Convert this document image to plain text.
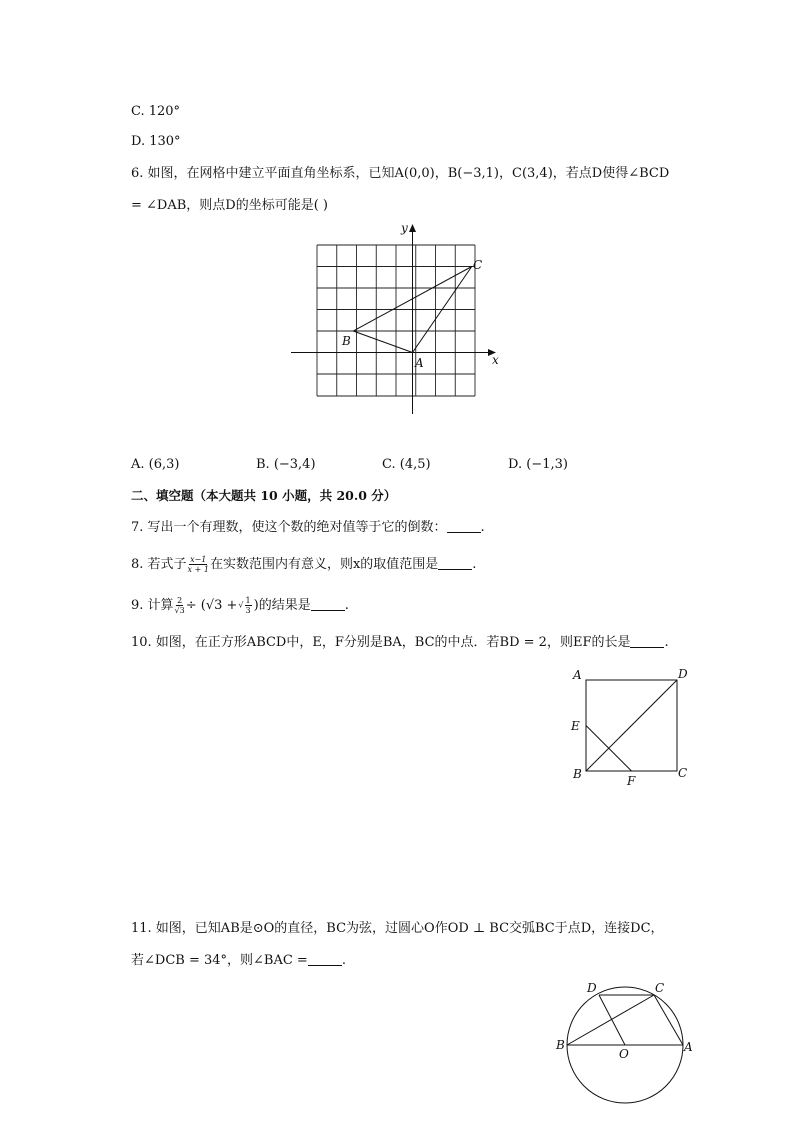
C. 120°
D. 130°
6. 如图，在网格中建立平面直角坐标系，已知A(0,0)，B(−3,1)，C(3,4)，若点D使得∠BCD
= ∠DAB，则点D的坐标可能是( )
x
y
A
B
C
A. (6,3)	B. (−3,4)	C. (4,5)	D. (−1,3)
二、填空题（本大题共 10 小题，共 20.0 分）
7. 写出一个有理数，使这个数的绝对值等于它的倒数：	.
8. 若式子 $\frac{x-1}{x + 1}$ 在实数范围内有意义，则x的取值范围是	.
9. 计算 $\frac{2}{√3} \div (√3$ +√ $\frac{1}{3}$ )的结果是	.
10. 如图，在正方形ABCD中，E，F分别是BA，BC的中点．若BD = 2，则EF的长是	.
A	D
E
B	C
F
11. 如图，已知AB是⊙O的直径，BC为弦，过圆心O作OD ⊥ BC交弧BC于点D，连接DC，
若∠DCB = 34°，则∠BAC =	.
D	C
B
O	A
